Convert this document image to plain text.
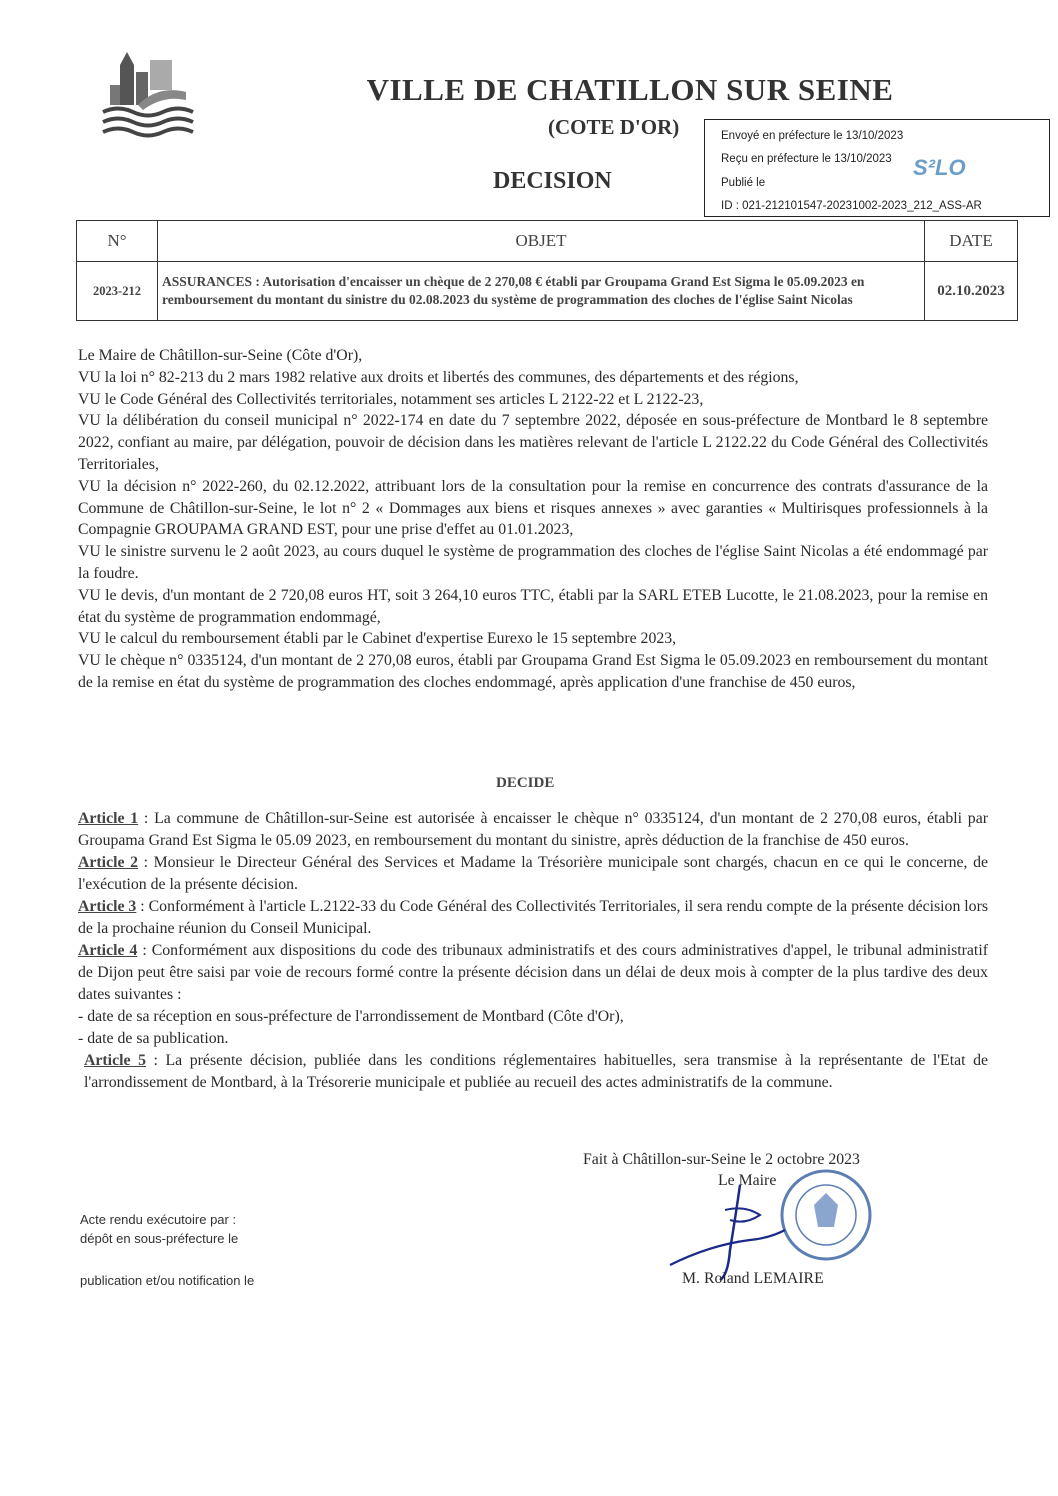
VILLE DE CHATILLON SUR SEINE
(COTE D'OR)
DECISION
Envoyé en préfecture le 13/10/2023
Reçu en préfecture le 13/10/2023
Publié le
ID : 021-212101547-20231002-2023_212_ASS-AR
S²LO
N°	OBJET	DATE
2023-212	ASSURANCES : Autorisation d'encaisser un chèque de 2 270,08 € établi par Groupama Grand Est Sigma le 05.09.2023 en remboursement du montant du sinistre du 02.08.2023 du système de programmation des cloches de l'église Saint Nicolas	02.10.2023

Le Maire de Châtillon-sur-Seine (Côte d'Or),

VU la loi n° 82-213 du 2 mars 1982 relative aux droits et libertés des communes, des départements et des régions,

VU le Code Général des Collectivités territoriales, notamment ses articles L 2122-22 et L 2122-23,

VU la délibération du conseil municipal n° 2022-174 en date du 7 septembre 2022, déposée en sous-préfecture de Montbard le 8 septembre 2022, confiant au maire, par délégation, pouvoir de décision dans les matières relevant de l'article L 2122.22 du Code Général des Collectivités Territoriales,

VU la décision n° 2022-260, du 02.12.2022, attribuant lors de la consultation pour la remise en concurrence des contrats d'assurance de la Commune de Châtillon-sur-Seine, le lot n° 2 « Dommages aux biens et risques annexes » avec garanties « Multirisques professionnels à la Compagnie GROUPAMA GRAND EST, pour une prise d'effet au 01.01.2023,

VU le sinistre survenu le 2 août 2023, au cours duquel le système de programmation des cloches de l'église Saint Nicolas a été endommagé par la foudre.

VU le devis, d'un montant de 2 720,08 euros HT, soit 3 264,10 euros TTC, établi par la SARL ETEB Lucotte, le 21.08.2023, pour la remise en état du système de programmation endommagé,

VU le calcul du remboursement établi par le Cabinet d'expertise Eurexo le 15 septembre 2023,

VU le chèque n° 0335124, d'un montant de 2 270,08 euros, établi par Groupama Grand Est Sigma le 05.09.2023 en remboursement du montant de la remise en état du système de programmation des cloches endommagé, après application d'une franchise de 450 euros,

DECIDE

Article 1 : La commune de Châtillon-sur-Seine est autorisée à encaisser le chèque n° 0335124, d'un montant de 2 270,08 euros, établi par Groupama Grand Est Sigma le 05.09 2023, en remboursement du montant du sinistre, après déduction de la franchise de 450 euros.

Article 2 : Monsieur le Directeur Général des Services et Madame la Trésorière municipale sont chargés, chacun en ce qui le concerne, de l'exécution de la présente décision.

Article 3 : Conformément à l'article L.2122-33 du Code Général des Collectivités Territoriales, il sera rendu compte de la présente décision lors de la prochaine réunion du Conseil Municipal.

Article 4 : Conformément aux dispositions du code des tribunaux administratifs et des cours administratives d'appel, le tribunal administratif de Dijon peut être saisi par voie de recours formé contre la présente décision dans un délai de deux mois à compter de la plus tardive des deux dates suivantes :

- date de sa réception en sous-préfecture de l'arrondissement de Montbard (Côte d'Or),

- date de sa publication.

Article 5 : La présente décision, publiée dans les conditions réglementaires habituelles, sera transmise à la représentante de l'Etat de l'arrondissement de Montbard, à la Trésorerie municipale et publiée au recueil des actes administratifs de la commune.

Fait à Châtillon-sur-Seine le 2 octobre 2023
Le Maire
M. Roland LEMAIRE
Acte rendu exécutoire par :
dépôt en sous-préfecture le
publication et/ou notification le
